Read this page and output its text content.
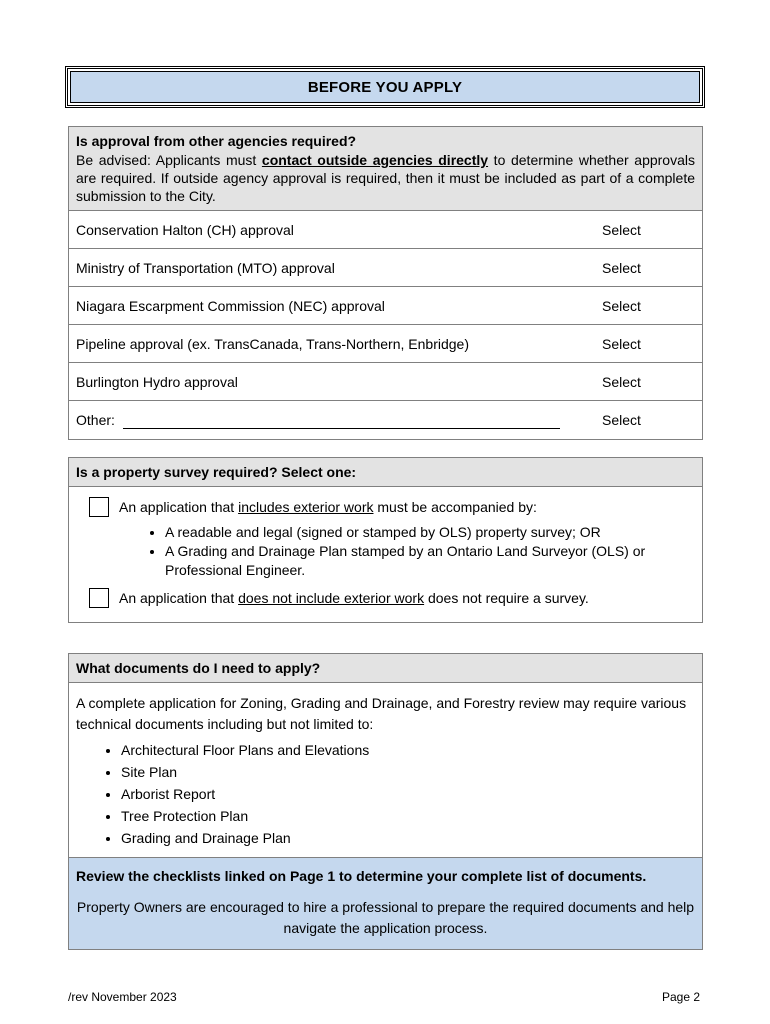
BEFORE YOU APPLY
Is approval from other agencies required?
Be advised: Applicants must contact outside agencies directly to determine whether approvals are required. If outside agency approval is required, then it must be included as part of a complete submission to the City.
Conservation Halton (CH) approval	Select
Ministry of Transportation (MTO) approval	Select
Niagara Escarpment Commission (NEC) approval	Select
Pipeline approval (ex. TransCanada, Trans-Northern, Enbridge)	Select
Burlington Hydro approval	Select
Other:	Select
Is a property survey required? Select one:
An application that includes exterior work must be accompanied by:
• A readable and legal (signed or stamped by OLS) property survey; OR
• A Grading and Drainage Plan stamped by an Ontario Land Surveyor (OLS) or Professional Engineer.
An application that does not include exterior work does not require a survey.
What documents do I need to apply?
A complete application for Zoning, Grading and Drainage, and Forestry review may require various technical documents including but not limited to:
• Architectural Floor Plans and Elevations
• Site Plan
• Arborist Report
• Tree Protection Plan
• Grading and Drainage Plan
Review the checklists linked on Page 1 to determine your complete list of documents.
Property Owners are encouraged to hire a professional to prepare the required documents and help navigate the application process.
/rev November 2023	Page 2
